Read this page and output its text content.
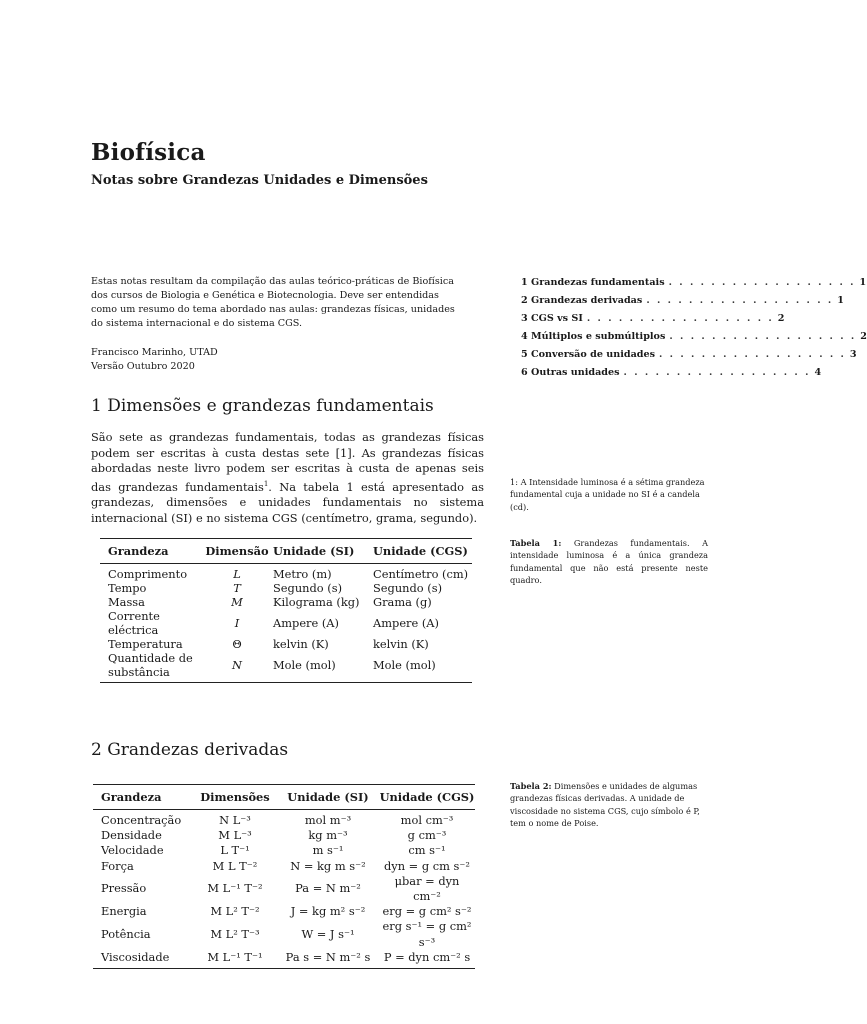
Biofísica
Notas sobre Grandezas Unidades e Dimensões
Estas notas resultam da compilação das aulas teórico-práticas de Biofísica dos cursos de Biologia e Genética e Biotecnologia. Deve ser entendidas como um resumo do tema abordado nas aulas: grandezas físicas, unidades do sistema internacional e do sistema CGS.
Francisco Marinho, UTAD
Versão Outubro 2020
1 Grandezas fundamentais . . . . . . . . . . . . . . . . . . 1
2 Grandezas derivadas . . . . . . . . . . . . . . . . . . 1
3 CGS vs SI . . . . . . . . . . . . . . . . . . 2
4 Múltiplos e submúltiplos . . . . . . . . . . . . . . . . . . 2
5 Conversão de unidades . . . . . . . . . . . . . . . . . . 3
6 Outras unidades . . . . . . . . . . . . . . . . . . 4
1 Dimensões e grandezas fundamentais
São sete as grandezas fundamentais, todas as grandezas físicas podem ser escritas à custa destas sete [1]. As grandezas físicas abordadas neste livro podem ser escritas à custa de apenas seis das grandezas fundamentais$^1$. Na tabela 1 está apresentado as grandezas, dimensões e unidades fundamentais no sistema internacional (SI) e no sistema CGS (centímetro, grama, segundo).
1: A Intensidade luminosa é a sétima grandeza fundamental cuja a unidade no SI é a candela (cd).
Tabela 1: Grandezas fundamentais. A intensidade luminosa é a única grandeza fundamental que não está presente neste quadro.
Grandeza	Dimensão	Unidade (SI)	Unidade (CGS)
Comprimento	L	Metro (m)	Centímetro (cm)
Tempo	T	Segundo (s)	Segundo (s)
Massa	M	Kilograma (kg)	Grama (g)
Corrente eléctrica	I	Ampere (A)	Ampere (A)
Temperatura	Θ	kelvin (K)	kelvin (K)
Quantidade de substância	N	Mole (mol)	Mole (mol)
2 Grandezas derivadas
Tabela 2: Dimensões e unidades de algumas grandezas físicas derivadas. A unidade de viscosidade no sistema CGS, cujo símbolo é P, tem o nome de Poise.
Grandeza	Dimensões	Unidade (SI)	Unidade (CGS)
Concentração	N L⁻³	mol m⁻³	mol cm⁻³
Densidade	M L⁻³	kg m⁻³	g cm⁻³
Velocidade	L T⁻¹	m s⁻¹	cm s⁻¹
Força	M L T⁻²	N = kg m s⁻²	dyn = g cm s⁻²
Pressão	M L⁻¹ T⁻²	Pa = N m⁻²	μbar = dyn cm⁻²
Energia	M L² T⁻²	J = kg m² s⁻²	erg = g cm² s⁻²
Potência	M L² T⁻³	W = J s⁻¹	erg s⁻¹ = g cm² s⁻³
Viscosidade	M L⁻¹ T⁻¹	Pa s = N m⁻² s	P = dyn cm⁻² s
